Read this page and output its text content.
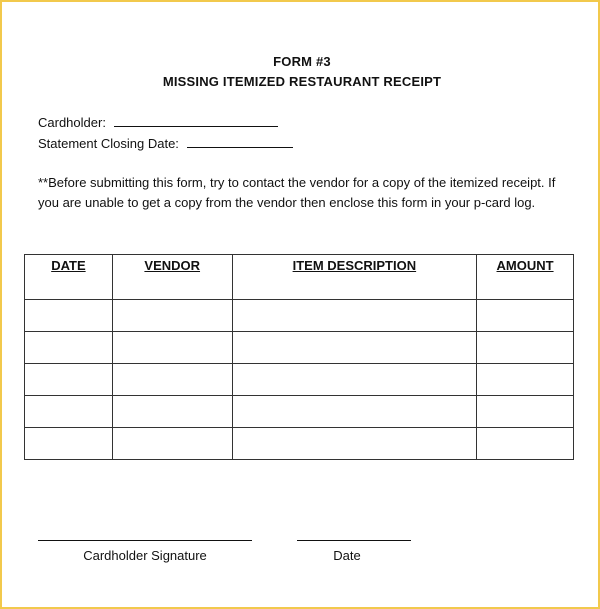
FORM #3
MISSING ITEMIZED RESTAURANT RECEIPT
Cardholder:
Statement Closing Date:
**Before submitting this form, try to contact the vendor for a copy of the itemized receipt. If you are unable to get a copy from the vendor then enclose this form in your p-card log.
DATE	VENDOR	ITEM DESCRIPTION	AMOUNT

Cardholder Signature	Date
